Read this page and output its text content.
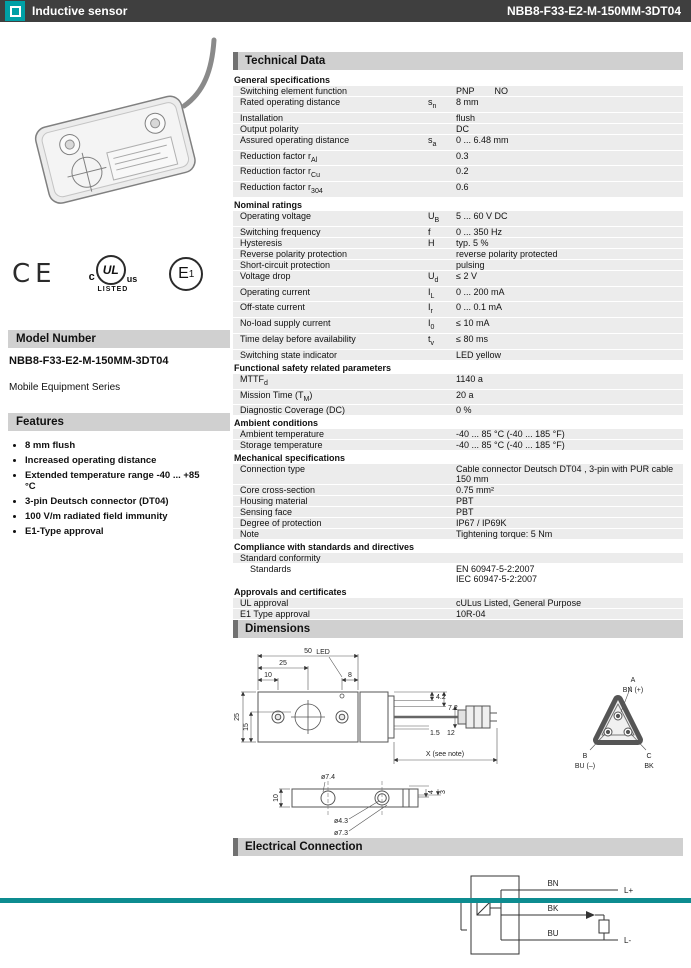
Inductive sensor	NBB8-F33-E2-M-150MM-3DT04
CE	c UL
us
LISTED
E 1
Model Number
NBB8-F33-E2-M-150MM-3DT04
Mobile Equipment Series
Features
• 8 mm flush
• Increased operating distance
• Extended temperature range -40 ... +85 °C
• 3-pin Deutsch connector (DT04)
• 100 V/m radiated field immunity
• E1-Type approval
Technical Data
General specifications
Switching element function	PNP        NO
Rated operating distance	$s_n$	8 mm
Installation	flush
Output polarity	DC
Assured operating distance	$s_a$	0 ... 6.48 mm
Reduction factor $r_{Al}$	0.3
Reduction factor $r_{Cu}$	0.2
Reduction factor $r_{304}$	0.6
Nominal ratings
Operating voltage	$U_B$	5 ... 60 V DC
Switching frequency	f	0 ... 350 Hz
Hysteresis	H	typ. 5 %
Reverse polarity protection	reverse polarity protected
Short-circuit protection	pulsing
Voltage drop	$U_d$	≤ 2 V
Operating current	$I_L$	0 ... 200 mA
Off-state current	$I_r$	0 ... 0.1 mA
No-load supply current	$I_0$	≤ 10 mA
Time delay before availability	$t_v$	≤ 80 ms
Switching state indicator	LED yellow
Functional safety related parameters
$MTTF_d$	1140 a
Mission Time $(T_M)$	20 a
Diagnostic Coverage (DC)	0 %
Ambient conditions
Ambient temperature	-40 ... 85 °C (-40 ... 185 °F)
Storage temperature	-40 ... 85 °C (-40 ... 185 °F)
Mechanical specifications
Connection type	Cable connector Deutsch DT04 , 3-pin with PUR cable 150 mm
Core cross-section	0.75 mm²
Housing material	PBT
Sensing face	PBT
Degree of protection	IP67 / IP69K
Note	Tightening torque: 5 Nm
Compliance with standards and directives
Standard conformity
Standards	EN 60947-5-2:2007
IEC 60947-5-2:2007
Approvals and certificates
UL approval	cULus Listed, General Purpose
E1 Type approval	10R-04
Dimensions
50
25
10	8
LED
25
15
4.2
7.2
1.5 12
X (see note)
A
BN (+)
B
BU (–)
C
BK
ø7.4
ø4.3
ø7.3
10
4 3
Electrical Connection
BN
BK
BU
L+
L-
